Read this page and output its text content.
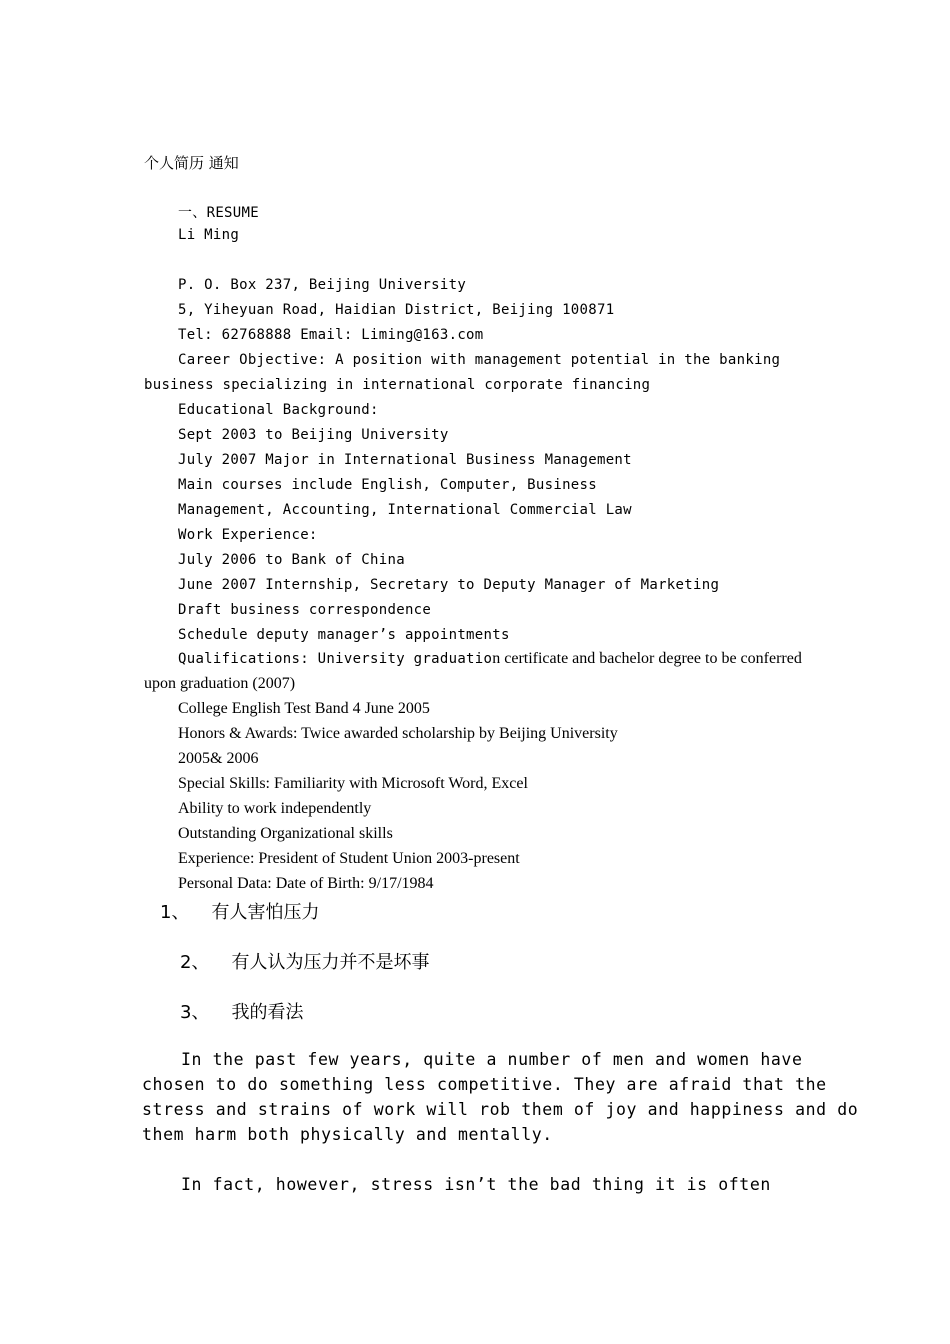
个人简历 通知
一、RESUME
Li Ming
P. O. Box 237, Beijing University
5, Yiheyuan Road, Haidian District, Beijing 100871
Tel: 62768888 Email: Liming@163.com
Career Objective: A position with management potential in the banking
business specializing in international corporate financing
Educational Background:
Sept 2003 to Beijing University
July 2007 Major in International Business Management
Main courses include English, Computer, Business
Management, Accounting, International Commercial Law
Work Experience:
July 2006 to Bank of China
June 2007 Internship, Secretary to Deputy Manager of Marketing
Draft business correspondence
Schedule deputy manager’s appointments
Qualifications: University graduation certificate and bachelor degree to be conferred
upon graduation (2007)
College English Test Band 4 June 2005
Honors & Awards: Twice awarded scholarship by Beijing University
2005& 2006
Special Skills: Familiarity with Microsoft Word, Excel
Ability to work independently
Outstanding Organizational skills
Experience: President of Student Union 2003-present
Personal Data: Date of Birth: 9/17/1984
1、 有人害怕压力
2、 有人认为压力并不是坏事
3、 我的看法
In the past few years, quite a number of men and women have
chosen to do something less competitive. They are afraid that the
stress and strains of work will rob them of joy and happiness and do
them harm both physically and mentally.
In fact, however, stress isn’t the bad thing it is often
